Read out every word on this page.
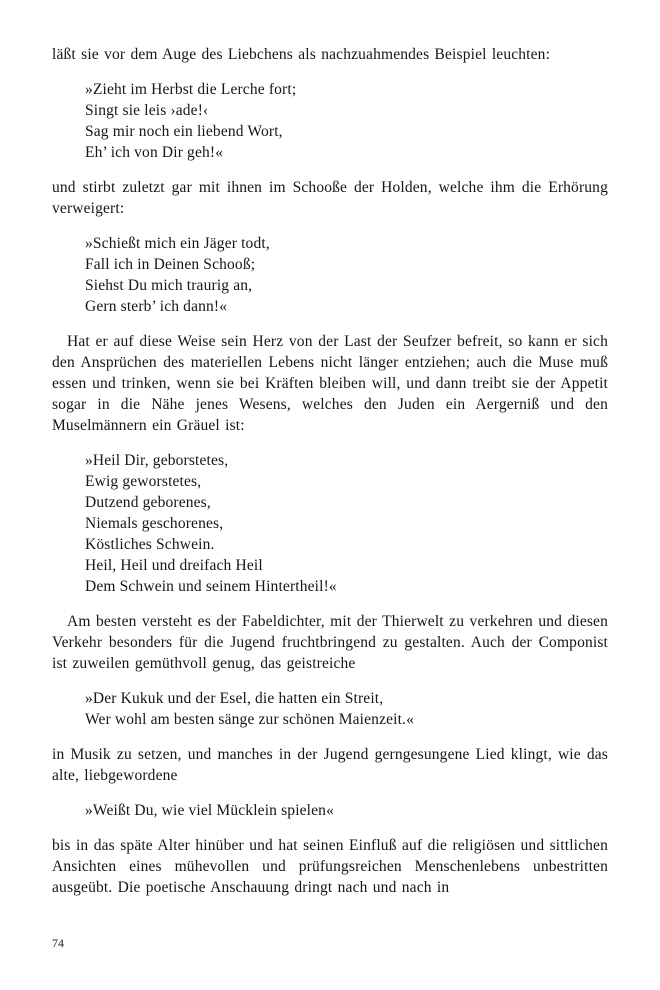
läßt sie vor dem Auge des Liebchens als nachzuahmendes Beispiel leuchten:

»Zieht im Herbst die Lerche fort;
Singt sie leis ›ade!‹
Sag mir noch ein liebend Wort,
Eh’ ich von Dir geh!«

und stirbt zuletzt gar mit ihnen im Schooße der Holden, welche ihm die Erhörung verweigert:

»Schießt mich ein Jäger todt,
Fall ich in Deinen Schooß;
Siehst Du mich traurig an,
Gern sterb’ ich dann!«

Hat er auf diese Weise sein Herz von der Last der Seufzer befreit, so kann er sich den Ansprüchen des materiellen Lebens nicht länger entziehen; auch die Muse muß essen und trinken, wenn sie bei Kräften bleiben will, und dann treibt sie der Appetit sogar in die Nähe jenes Wesens, welches den Juden ein Aergerniß und den Muselmännern ein Gräuel ist:

»Heil Dir, geborstetes,
Ewig geworstetes,
Dutzend geborenes,
Niemals geschorenes,
Köstliches Schwein.
Heil, Heil und dreifach Heil
Dem Schwein und seinem Hintertheil!«

Am besten versteht es der Fabeldichter, mit der Thierwelt zu verkehren und diesen Verkehr besonders für die Jugend fruchtbringend zu gestalten. Auch der Componist ist zuweilen gemüthvoll genug, das geistreiche

»Der Kukuk und der Esel, die hatten ein Streit,
Wer wohl am besten sänge zur schönen Maienzeit.«

in Musik zu setzen, und manches in der Jugend gerngesungene Lied klingt, wie das alte, liebgewordene

»Weißt Du, wie viel Mücklein spielen«

bis in das späte Alter hinüber und hat seinen Einfluß auf die religiösen und sittlichen Ansichten eines mühevollen und prüfungsreichen Menschenlebens unbestritten ausgeübt. Die poetische Anschauung dringt nach und nach in

74
